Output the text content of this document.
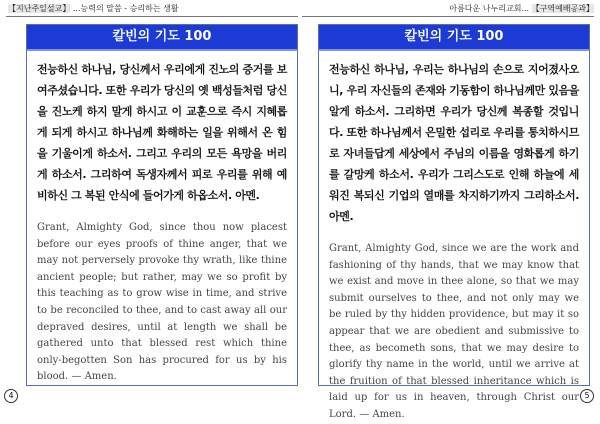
【지난주일설교】 ...능력의 말씀 - 승리하는 생활	아름다운 나누리교회... 【구역예배공과】
칼빈의 기도 100
전능하신 하나님, 당신께서 우리에게 진노의 증거를 보여주셨습니다. 또한 우리가 당신의 옛 백성들처럼 당신을 진노케 하지 말게 하시고 이 교훈으로 즉시 지혜롭게 되게 하시고 하나님께 화해하는 일을 위해서 온 힘을 기울이게 하소서. 그리고 우리의 모든 욕망을 버리게 하소서. 그리하여 독생자께서 피로 우리를 위해 예비하신 그 복된 안식에 들어가게 하옵소서. 아멘.
Grant, Almighty God, since thou now placest before our eyes proofs of thine anger, that we may not perversely provoke thy wrath, like thine ancient people; but rather, may we so profit by this teaching as to grow wise in time, and strive to be reconciled to thee, and to cast away all our depraved desires, until at length we shall be gathered unto that blessed rest which thine only-begotten Son has procured for us by his blood. — Amen.
칼빈의 기도 100
전능하신 하나님, 우리는 하나님의 손으로 지어졌사오니, 우리 자신들의 존재와 기동함이 하나님께만 있음을 알게 하소서. 그리하면 우리가 당신께 복종할 것입니다. 또한 하나님께서 은밀한 섭리로 우리를 통치하시므로 자녀들답게 세상에서 주님의 이름을 영화롭게 하기를 갈망케 하소서. 우리가 그리스도로 인해 하늘에 세워진 복되신 기업의 열매를 차지하기까지 그리하소서. 아멘.
Grant, Almighty God, since we are the work and fashioning of thy hands, that we may know that we exist and move in thee alone, so that we may submit ourselves to thee, and not only may we be ruled by thy hidden providence, but may it so appear that we are obedient and submissive to thee, as becometh sons, that we may desire to glorify thy name in the world, until we arrive at the fruition of that blessed inheritance which is laid up for us in heaven, through Christ our Lord. — Amen.
4	5
